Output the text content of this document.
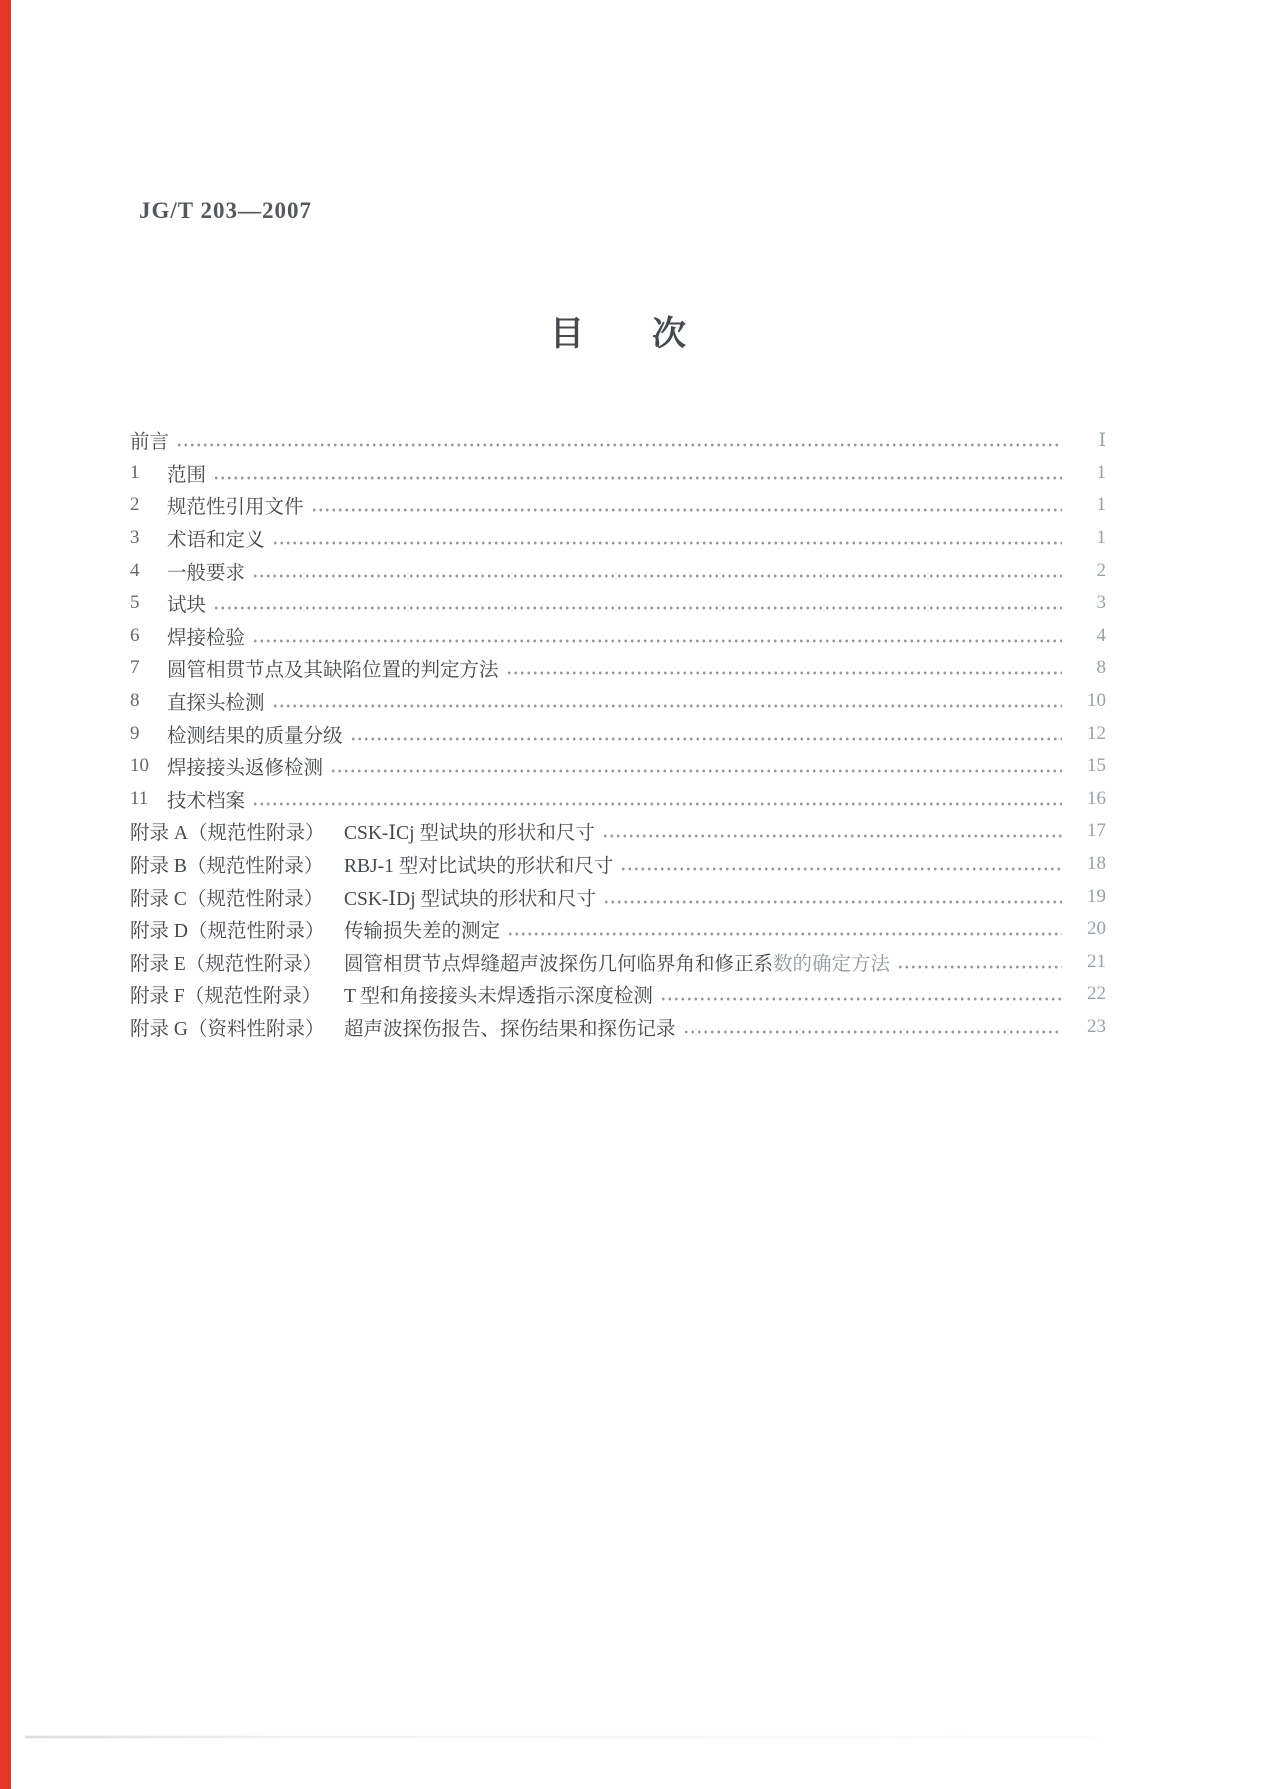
JG/T 203—2007
目 次
前言	Ⅰ
1	范围	1
2	规范性引用文件	1
3	术语和定义	1
4	一般要求	2
5	试块	3
6	焊接检验	4
7	圆管相贯节点及其缺陷位置的判定方法	8
8	直探头检测	10
9	检测结果的质量分级	12
10 焊接接头返修检测	15
11 技术档案	16
附录 A（规范性附录）	CSK-ⅠCj 型试块的形状和尺寸	17
附录 B（规范性附录）	RBJ-1 型对比试块的形状和尺寸	18
附录 C（规范性附录）	CSK-ⅠDj 型试块的形状和尺寸	19
附录 D（规范性附录）	传输损失差的测定	20
附录 E（规范性附录）	圆管相贯节点焊缝超声波探伤几何临界角和修正系 数的确定方法	21
附录 F（规范性附录）	T 型和角接接头未焊透指示深度检测	22
附录 G（资料性附录）	超声波探伤报告、探伤结果和探伤记录	23
